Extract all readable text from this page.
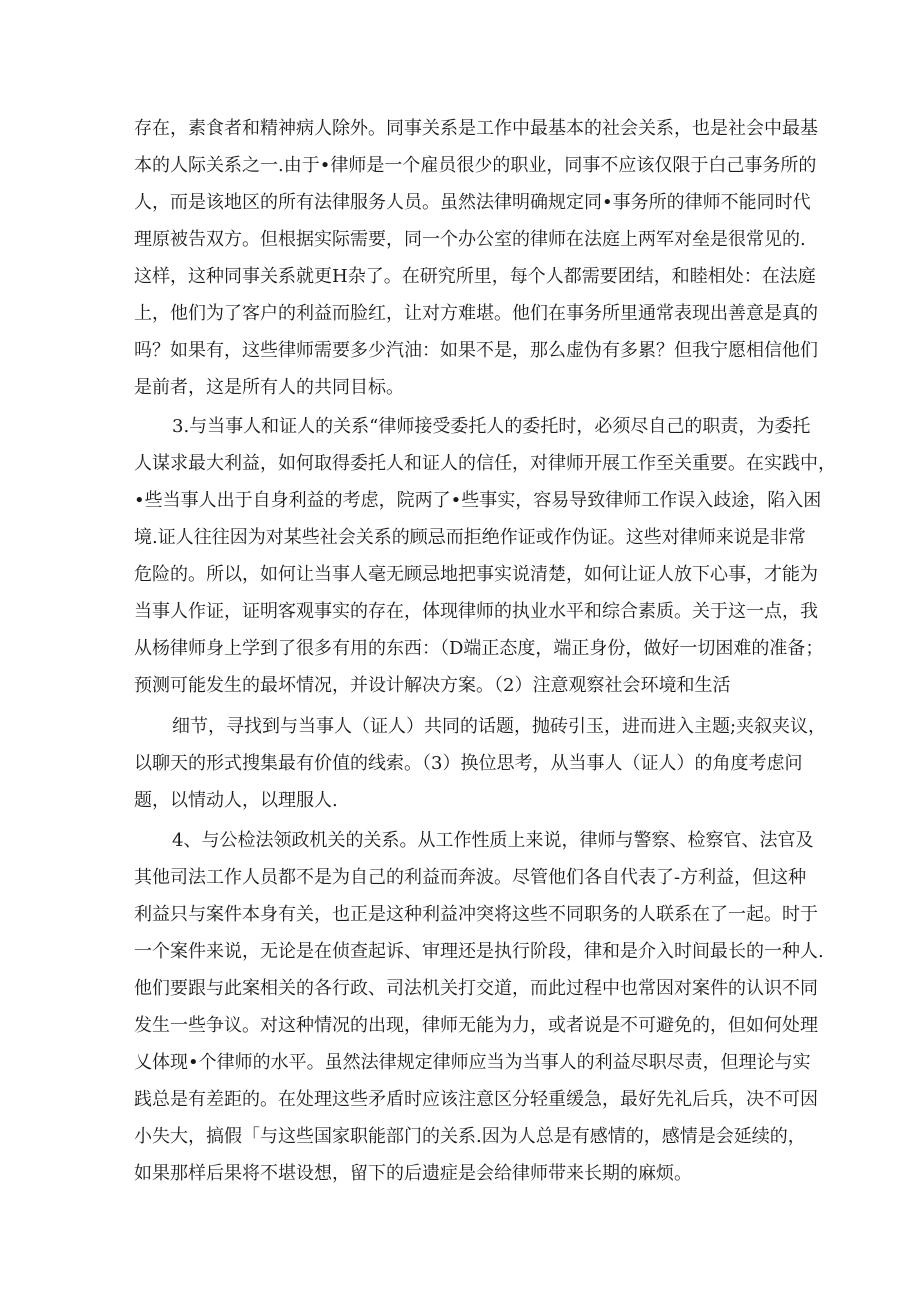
存在，素食者和精神病人除外。同事关系是工作中最基本的社会关系，也是社会中最基
本的人际关系之一.由于•律师是一个雇员很少的职业，同事不应该仅限于白己事务所的
人，而是该地区的所有法律服务人员。虽然法律明确规定同•事务所的律师不能同时代
理原被告双方。但根据实际需要，同一个办公室的律师在法庭上两军对垒是很常见的.
这样，这种同事关系就更H杂了。在研究所里，每个人都需要团结，和睦相处：在法庭
上，他们为了客户的利益而脸红，让对方难堪。他们在事务所里通常表现出善意是真的
吗？如果有，这些律师需要多少汽油：如果不是，那么虚伪有多累？但我宁愿相信他们
是前者，这是所有人的共同目标。
3.与当事人和证人的关系“律师接受委托人的委托时，必须尽自己的职责，为委托
人谋求最大利益，如何取得委托人和证人的信任，对律师开展工作至关重要。在实践中，
•些当事人出于自身利益的考虑，院两了•些事实，容易导致律师工作误入歧途，陷入困
境.证人往往因为对某些社会关系的顾忌而拒绝作证或作伪证。这些对律师来说是非常
危险的。所以，如何让当事人毫无顾忌地把事实说清楚，如何让证人放下心事，才能为
当事人作证，证明客观事实的存在，体现律师的执业水平和综合素质。关于这一点，我
从杨律师身上学到了很多有用的东西：（D端正态度，端正身份，做好一切困难的准备；
预测可能发生的最坏情况，并设计解决方案。（2）注意观察社会环境和生活
细节，寻找到与当事人（证人）共同的话题，抛砖引玉，进而进入主题;夹叙夹议，
以聊天的形式搜集最有价值的线索。（3）换位思考，从当事人（证人）的角度考虑问
题，以情动人，以理服人.
4、与公检法领政机关的关系。从工作性质上来说，律师与警察、检察官、法官及
其他司法工作人员都不是为自己的利益而奔波。尽管他们各自代表了-方利益，但这种
利益只与案件本身有关，也正是这种利益冲突将这些不同职务的人联系在了一起。时于
一个案件来说，无论是在侦查起诉、审理还是执行阶段，律和是介入时间最长的一种人.
他们要跟与此案相关的各行政、司法机关打交道，而此过程中也常因对案件的认识不同
发生一些争议。对这种情况的出现，律师无能为力，或者说是不可避免的，但如何处理
乂体现•个律师的水平。虽然法律规定律师应当为当事人的利益尽职尽责，但理论与实
践总是有差距的。在处理这些矛盾时应该注意区分轻重缓急，最好先礼后兵，决不可因
小失大，搞假「与这些国家职能部门的关系.因为人总是有感情的，感情是会延续的，
如果那样后果将不堪设想，留下的后遗症是会给律师带来长期的麻烦。
